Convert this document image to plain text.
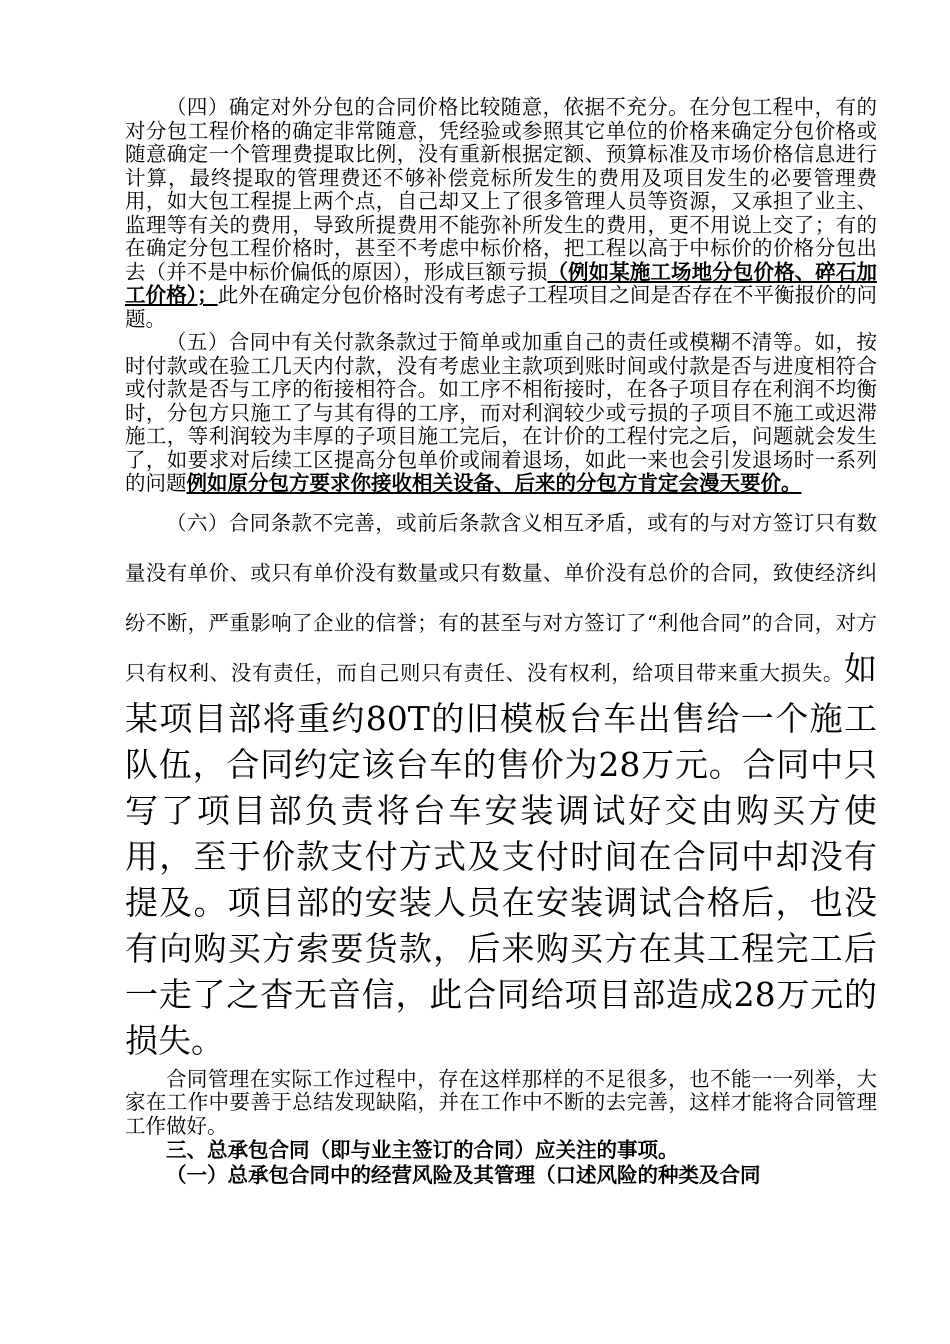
（四）确定对外分包的合同价格比较随意，依据不充分。在分包工程中，有的对分包工程价格的确定非常随意，凭经验或参照其它单位的价格来确定分包价格或随意确定一个管理费提取比例，没有重新根据定额、预算标准及市场价格信息进行计算，最终提取的管理费还不够补偿竞标所发生的费用及项目发生的必要管理费用，如大包工程提上两个点，自己却又上了很多管理人员等资源，又承担了业主、监理等有关的费用，导致所提费用不能弥补所发生的费用，更不用说上交了；有的在确定分包工程价格时，甚至不考虑中标价格，把工程以高于中标价的价格分包出去（并不是中标价偏低的原因），形成巨额亏损（例如某施工场地分包价格、碎石加工价格）；此外在确定分包价格时没有考虑子工程项目之间是否存在不平衡报价的问题。

（五）合同中有关付款条款过于简单或加重自己的责任或模糊不清等。如，按时付款或在验工几天内付款，没有考虑业主款项到账时间或付款是否与进度相符合或付款是否与工序的衔接相符合。如工序不相衔接时，在各子项目存在利润不均衡时，分包方只施工了与其有得的工序，而对利润较少或亏损的子项目不施工或迟滞施工，等利润较为丰厚的子项目施工完后，在计价的工程付完之后，问题就会发生了，如要求对后续工区提高分包单价或闹着退场，如此一来也会引发退场时一系列的问题例如原分包方要求你接收相关设备、后来的分包方肯定会漫天要价。

（六）合同条款不完善，或前后条款含义相互矛盾，或有的与对方签订只有数量没有单价、或只有单价没有数量或只有数量、单价没有总价的合同，致使经济纠纷不断，严重影响了企业的信誉；有的甚至与对方签订了“利他合同”的合同，对方只有权利、没有责任，而自己则只有责任、没有权利，给项目带来重大损失。如某项目部将重约80T的旧模板台车出售给一个施工队伍，合同约定该台车的售价为28万元。合同中只写了项目部负责将台车安装调试好交由购买方使用，至于价款支付方式及支付时间在合同中却没有提及。项目部的安装人员在安装调试合格后，也没有向购买方索要货款，后来购买方在其工程完工后一走了之杳无音信，此合同给项目部造成28万元的损失。

合同管理在实际工作过程中，存在这样那样的不足很多，也不能一一列举，大家在工作中要善于总结发现缺陷，并在工作中不断的去完善，这样才能将合同管理工作做好。

三、总承包合同（即与业主签订的合同）应关注的事项。

（一）总承包合同中的经营风险及其管理（口述风险的种类及合同
